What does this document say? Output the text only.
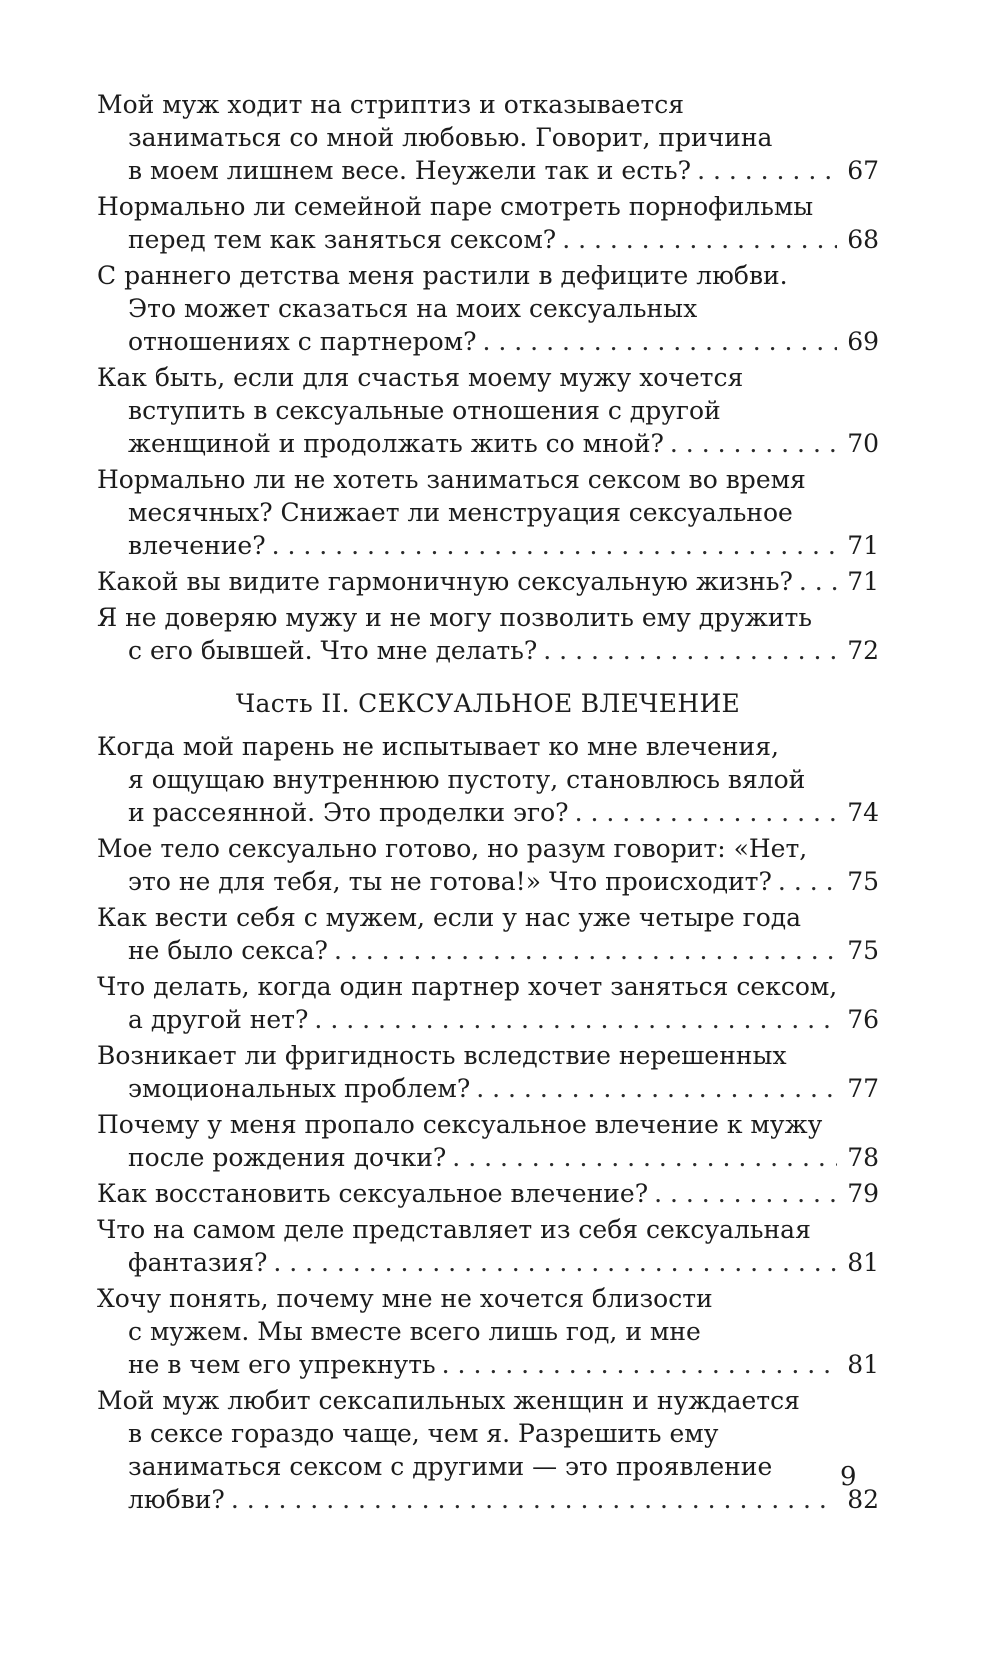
Мой муж ходит на стриптиз и отказывается
заниматься со мной любовью. Говорит, причина
в моем лишнем весе. Неужели так и есть? . . .	67
Нормально ли семейной паре смотреть порнофильмы
перед тем как заняться сексом? . . .	68
С раннего детства меня растили в дефиците любви.
Это может сказаться на моих сексуальных
отношениях с партнером? . . .	69
Как быть, если для счастья моему мужу хочется
вступить в сексуальные отношения с другой
женщиной и продолжать жить со мной? . . .	70
Нормально ли не хотеть заниматься сексом во время
месячных? Снижает ли менструация сексуальное
влечение? . . .	71
Какой вы видите гармоничную сексуальную жизнь? . . . 71
Я не доверяю мужу и не могу позволить ему дружить
с его бывшей. Что мне делать? . . .	72
Часть II. СЕКСУАЛЬНОЕ ВЛЕЧЕНИЕ
Когда мой парень не испытывает ко мне влечения,
я ощущаю внутреннюю пустоту, становлюсь вялой
и рассеянной. Это проделки эго? . . .	74
Мое тело сексуально готово, но разум говорит: «Нет,
это не для тебя, ты не готова!» Что происходит? . . .	75
Как вести себя с мужем, если у нас уже четыре года
не было секса? . . .	75
Что делать, когда один партнер хочет заняться сексом,
а другой нет? . . .	76
Возникает ли фригидность вследствие нерешенных
эмоциональных проблем? . . .	77
Почему у меня пропало сексуальное влечение к мужу
после рождения дочки? . . .	78
Как восстановить сексуальное влечение? . . .	79
Что на самом деле представляет из себя сексуальная
фантазия? . . .	81
Хочу понять, почему мне не хочется близости
с мужем. Мы вместе всего лишь год, и мне
не в чем его упрекнуть . . .	81
Мой муж любит сексапильных женщин и нуждается
в сексе гораздо чаще, чем я. Разрешить ему
заниматься сексом с другими — это проявление
любви? . . .	82
9
